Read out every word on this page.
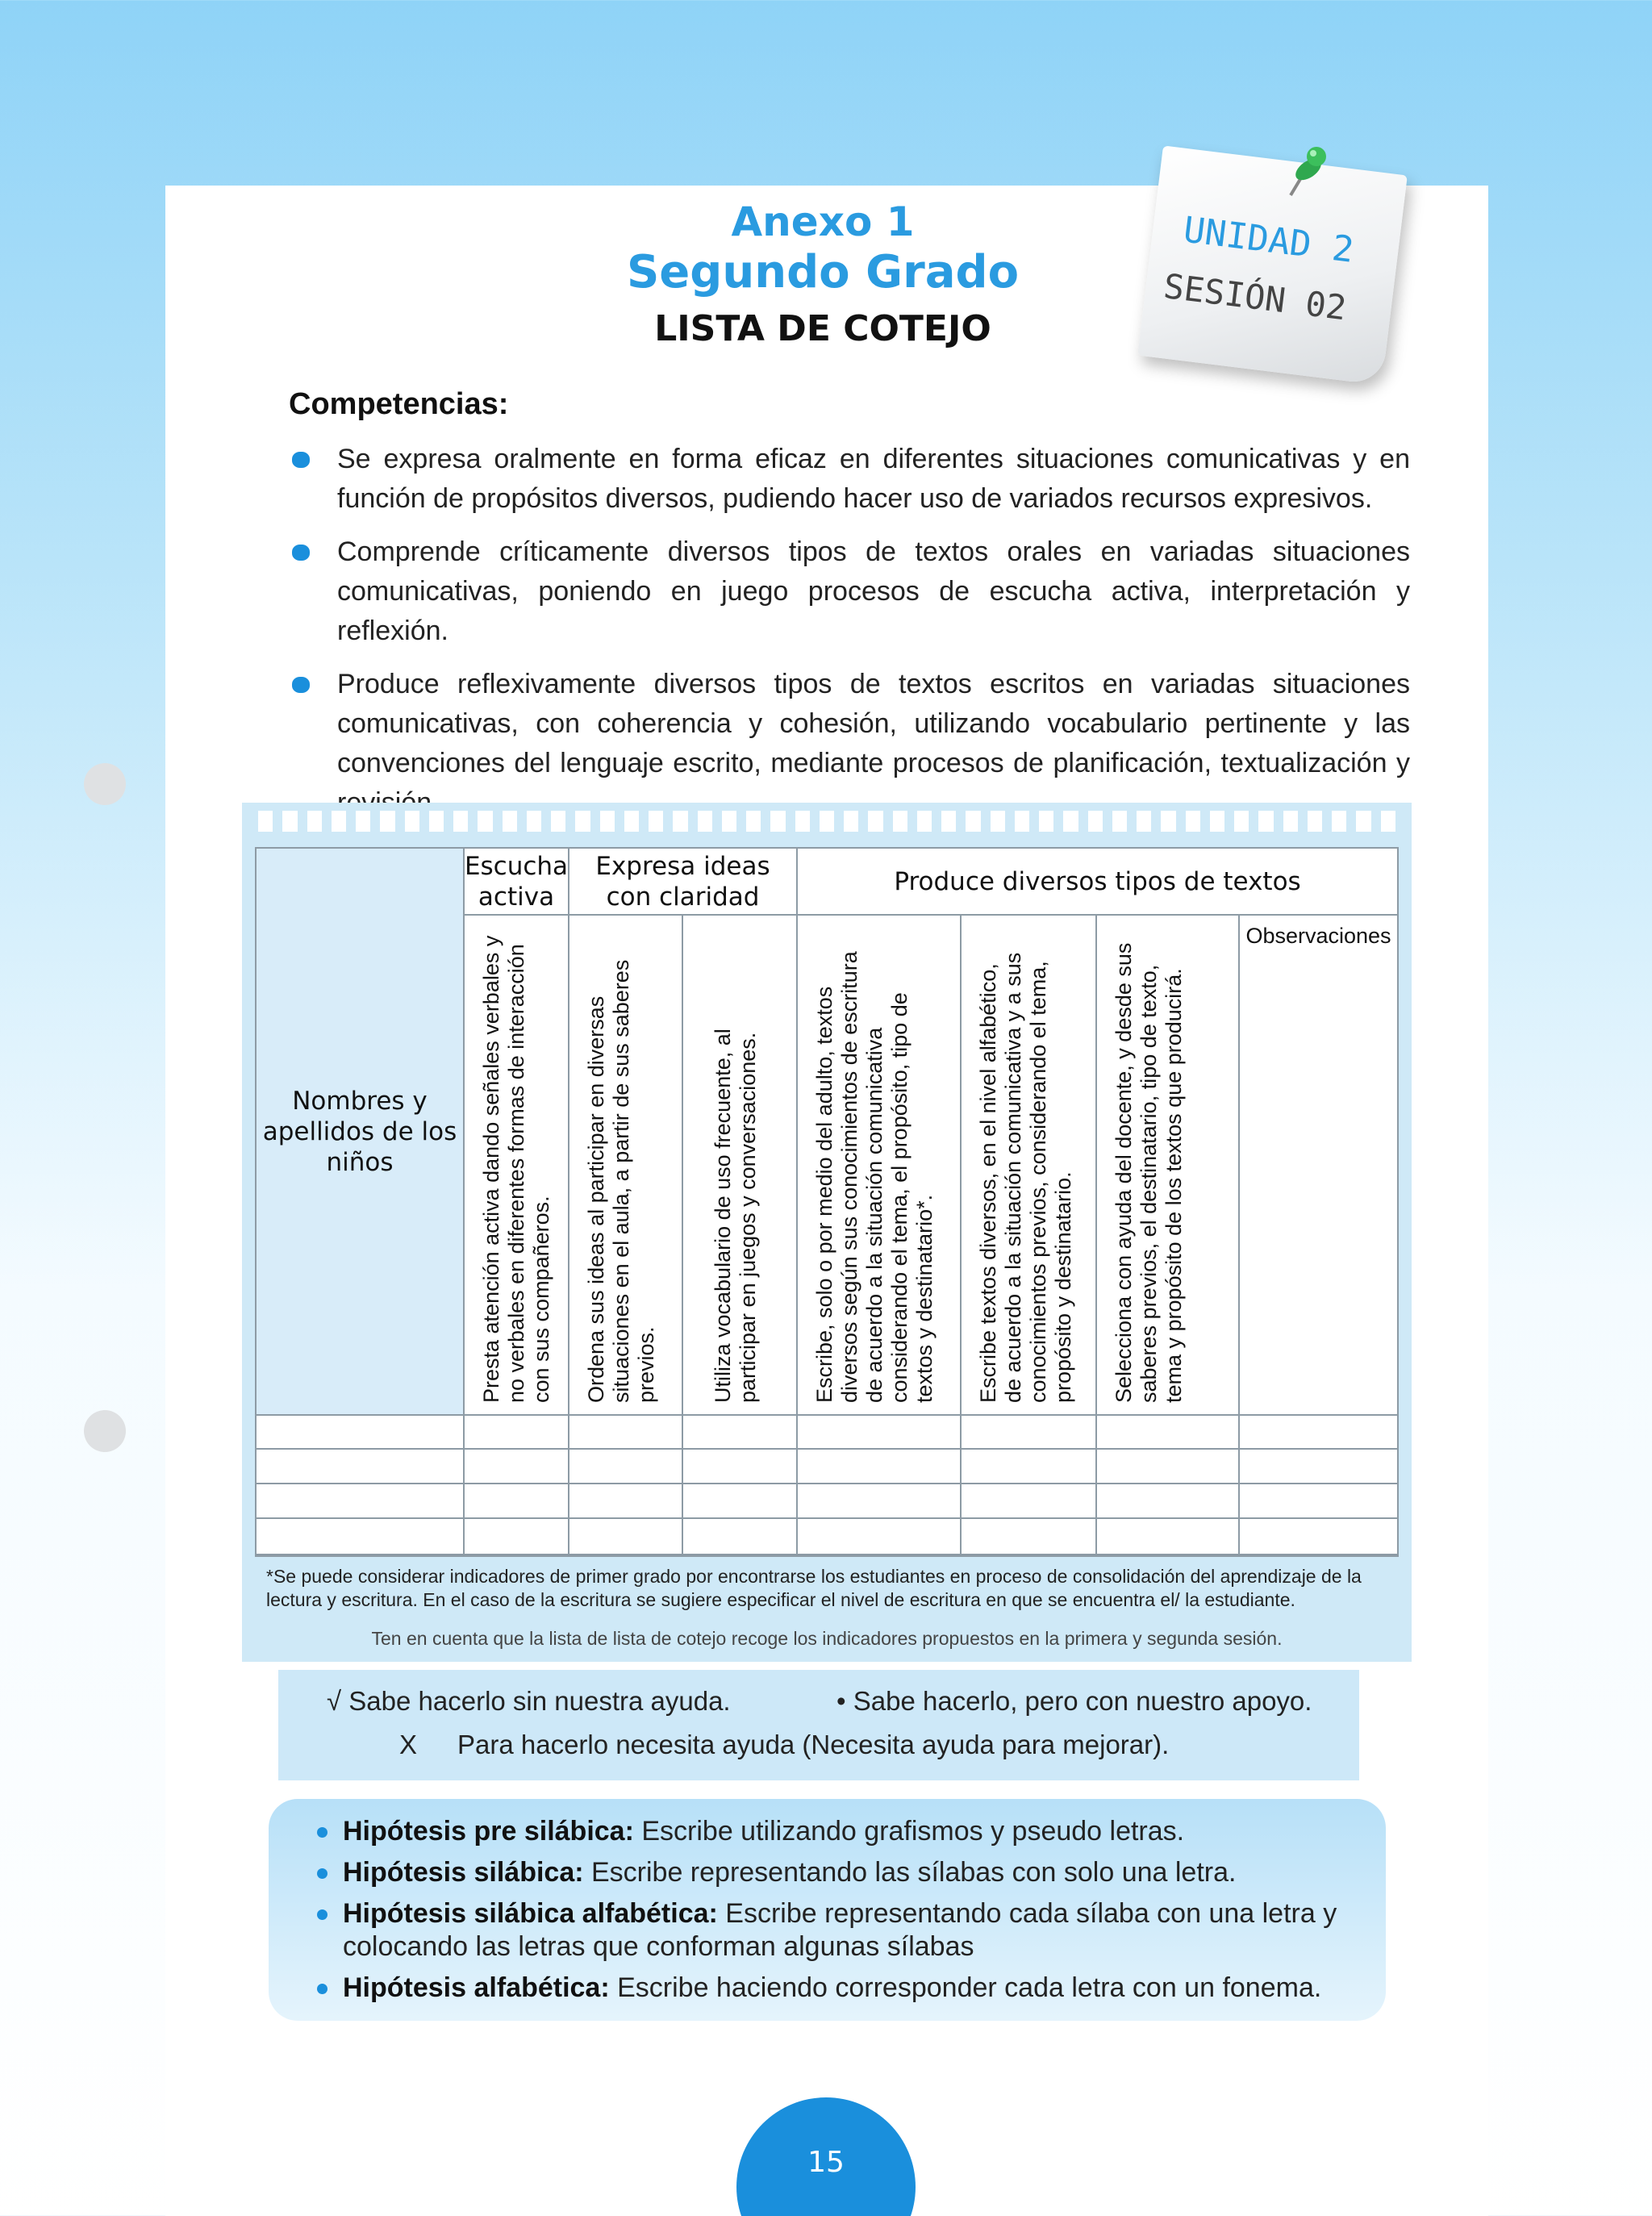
Anexo 1
Segundo Grado
LISTA DE COTEJO
UNIDAD 2
SESIÓN 02
Competencias:
Se expresa oralmente en forma eficaz en diferentes situaciones comunicativas y en función de propósitos diversos, pudiendo hacer uso de variados recursos expresivos.
Comprende críticamente diversos tipos de textos orales en variadas situaciones comunicativas, poniendo en juego procesos de escucha activa, interpretación y reflexión.
Produce reflexivamente diversos tipos de textos escritos en variadas situaciones comunicativas, con coherencia y cohesión, utilizando vocabulario pertinente y las convenciones del lenguaje escrito, mediante procesos de planificación, textualización y
Nombres y apellidos de los niños
Escucha activa
Expresa ideas con claridad
Produce diversos tipos de textos
Presta atención activa dando señales verbales y no verbales en diferentes formas de interacción con sus compañeros. Ordena sus ideas al participar en diversas situaciones en el aula, a partir de sus saberes previos. Utiliza vocabulario de uso frecuente, al participar en juegos y conversaciones. Escribe, solo o por medio del adulto, textos diversos según sus conocimientos de escritura de acuerdo a la situación comunicativa considerando el tema, el propósito, tipo de textos y destinatario*. Escribe textos diversos, en el nivel alfabético, de acuerdo a la situación comunicativa y a sus conocimientos previos, considerando el tema, propósito y destinatario. Selecciona con ayuda del docente, y desde sus saberes previos, el destinatario, tipo de texto, tema y propósito de los textos que producirá.
Observaciones
*Se puede considerar indicadores de primer grado por encontrarse los estudiantes en proceso de consolidación del aprendizaje de la lectura y escritura. En el caso de la escritura se sugiere especificar el nivel de escritura en que se encuentra el/ la estudiante.
Ten en cuenta que la lista de lista de cotejo recoge los indicadores propuestos en la primera y segunda sesión.
√ Sabe hacerlo sin nuestra ayuda.	• Sabe hacerlo, pero con nuestro apoyo.
X Para hacerlo necesita ayuda (Necesita ayuda para mejorar).
Hipótesis pre silábica: Escribe utilizando grafismos y pseudo letras.
Hipótesis silábica: Escribe representando las sílabas con solo una letra.
Hipótesis silábica alfabética: Escribe representando cada sílaba con una letra y colocando las letras que conforman algunas sílabas
Hipótesis alfabética: Escribe haciendo corresponder cada letra con un fonema.
15
